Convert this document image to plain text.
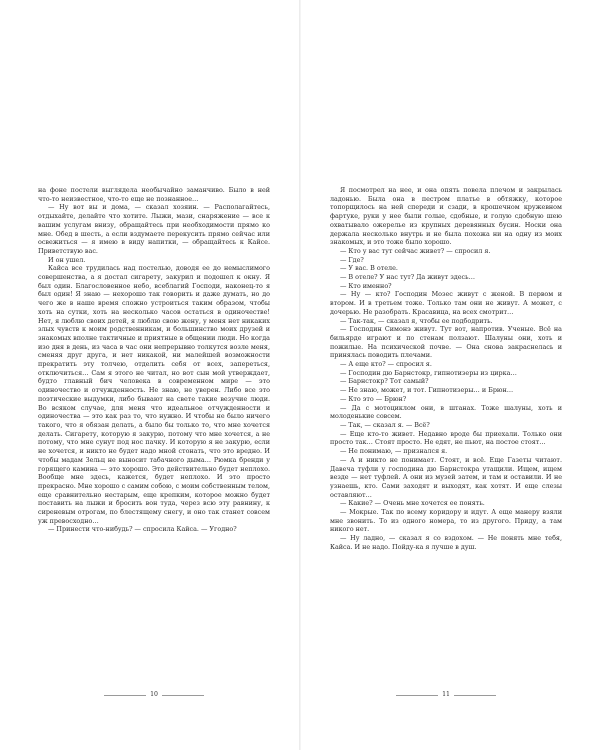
на фоне постели выглядела необычайно заманчиво. Было в ней что-то неизвестное, что-то еще не познанное…

— Ну вот вы и дома, — сказал хозяин. — Располагайтесь, отдыхайте, делайте что хотите. Лыжи, мази, снаряжение — все к вашим услугам внизу, обращайтесь при необходимости прямо ко мне. Обед в шесть, а если вздумаете перекусить прямо сейчас или освежиться — я имею в виду напитки, — обращайтесь к Кайсе. Приветствую вас.

И он ушел.

Кайса все трудилась над постелью, доводя ее до немыслимого совершенства, а я достал сигарету, закурил и подошел к окну. Я был один. Благословенное небо, всеблагий Господи, наконец-то я был один! Я знаю — нехорошо так говорить и даже думать, но до чего же в наше время сложно устроиться таким образом, чтобы хоть на сутки, хоть на несколько часов остаться в одиночестве! Нет, я люблю своих детей, я люблю свою жену, у меня нет никаких злых чувств к моим родственникам, и большинство моих друзей и знакомых вполне тактичные и приятные в общении люди. Но когда изо дня в день, из часа в час они непрерывно толкутся возле меня, сменяя друг друга, и нет никакой, ни малейшей возможности прекратить эту толчею, отделить себя от всех, запереться, отключиться… Сам я этого не читал, но вот сын мой утверждает, будто главный бич человека в современном мире — это одиночество и отчужденность. Не знаю, не уверен. Либо все это поэтические выдумки, либо бывают на свете такие везучие люди. Во всяком случае, для меня что идеальное отчужденности и одиночества — это как раз то, что нужно. И чтобы не было ничего такого, что я обязан делать, а было бы только то, что мне хочется делать. Сигарету, которую я закурю, потому что мне хочется, а не потому, что мне сунут под нос пачку. И которую я не закурю, если не хочется, и никто не будет надо мной стонать, что это вредно. И чтобы мадам Зельц не выносит табачного дыма… Рюмка бренди у горящего камина — это хорошо. Это действительно будет неплохо. Вообще мне здесь, кажется, будет неплохо. И это просто прекрасно. Мне хорошо с самим собою, с моим собственным телом, еще сравнительно нестарым, еще крепким, которое можно будет поставить на лыжи и бросить вон туда, через всю эту равнину, к сиреневым отрогам, по блестящему снегу, и оно так станет совсем уж превосходно…

— Принести что-нибудь? — спросила Кайса. — Угодно?

Я посмотрел на нее, и она опять повела плечом и закрылась ладонью. Была она в пестром платье в обтяжку, которое топорщилось на ней спереди и сзади, в крошечном кружевном фартуке, руки у нее были голые, сдобные, и голую сдобную шею охватывало ожерелье из крупных деревянных бусин. Носки она держала несколько внутрь и не была похожа ни на одну из моих знакомых, и это тоже было хорошо.

— Кто у вас тут сейчас живет? — спросил я.

— Где?

— У вас. В отеле.

— В отеле? У нас тут? Да живут здесь…

— Кто именно?

— Ну — кто? Господин Мозес живут с женой. В первом и втором. И в третьем тоже. Только там они не живут. А может, с дочерью. Не разобрать. Красавица, на всех смотрит…

— Так-так, — сказал я, чтобы ее подбодрить.

— Господин Симонэ живут. Тут вот, напротив. Ученые. Всё на бильярде играют и по стенам ползают. Шалуны они, хоть и пожилые. На психической почве. — Она снова закраснелась и принялась поводить плечами.

— А еще кто? — спросил я.

— Господин дю Барнстокр, гипнотизеры из цирка…

— Барнстокр? Тот самый?

— Не знаю, может, и тот. Гипнотизеры… и Брюн…

— Кто это — Брюн?

— Да с мотоциклом они, в штанах. Тоже шалуны, хоть и молоденькие совсем.

— Так, — сказал я. — Всё?

— Еще кто-то живет. Недавно вроде бы приехали. Только они просто так… Стоят просто. Не едят, не пьют, на постое стоят…

— Не понимаю, — признался я.

— А и никто не понимает. Стоят, и всё. Еще Газеты читают. Давеча туфли у господина дю Барнстокра утащили. Ищем, ищем везде — нет туфлей. А они из музей затем, и там и оставили. И не узнаешь, кто. Сами заходят и выходят, как хотят. И еще слезы оставляют…

— Какие? — Очень мне хочется ее понять.

— Мокрые. Так по всему коридору и идут. А еще манеру взяли мне звонить. То из одного номера, то из другого. Приду, а там никого нет.

— Ну ладно, — сказал я со вздохом. — Не понять мне тебя, Кайса. И не надо. Пойду-ка я лучше в душ.

10	11
